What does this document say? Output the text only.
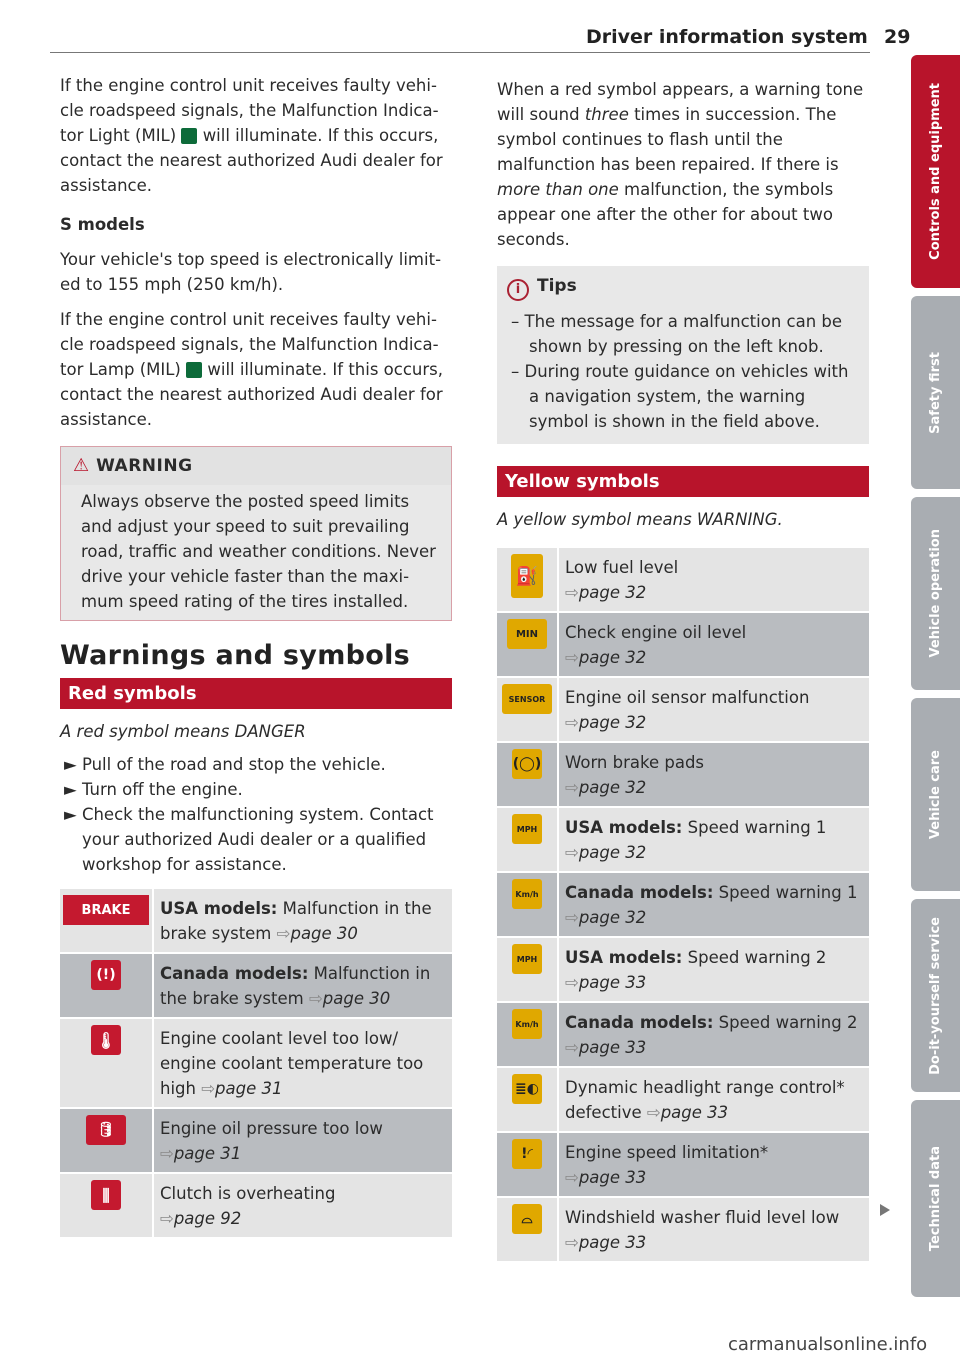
Driver information system 29

If the engine control unit receives faulty vehicle roadspeed signals, the Malfunction Indicator Light (MIL) will illuminate. If this occurs, contact the nearest authorized Audi dealer for assistance.

S models

Your vehicle's top speed is electronically limited to 155 mph (250 km/h).

If the engine control unit receives faulty vehicle roadspeed signals, the Malfunction Indicator Lamp (MIL) will illuminate. If this occurs, contact the nearest authorized Audi dealer for assistance.

⚠ WARNING
Always observe the posted speed limits and adjust your speed to suit prevailing road, traffic and weather conditions. Never drive your vehicle faster than the maximum speed rating of the tires installed.
Warnings and symbols
Red symbols

A red symbol means DANGER

► Pull of the road and stop the vehicle.
► Turn off the engine.
► Check the malfunctioning system. Contact your authorized Audi dealer or a qualified workshop for assistance.
BRAKE	USA models: Malfunction in the brake system ⇨page 30
(!)	Canada models: Malfunction in the brake system ⇨page 30
🌡	Engine coolant level too low/ engine coolant temperature too high ⇨page 31
🛢	Engine oil pressure too low
⇨page 31
⫼	Clutch is overheating
⇨page 92

When a red symbol appears, a warning tone will sound three times in succession. The symbol continues to flash until the malfunction has been repaired. If there is more than one malfunction, the symbols appear one after the other for about two seconds.

i Tips
– The message for a malfunction can be shown by pressing on the left knob.
– During route guidance on vehicles with a navigation system, the warning symbol is shown in the field above.
Yellow symbols

A yellow symbol means WARNING.

⛽	Low fuel level
⇨page 32
MIN	Check engine oil level
⇨page 32
SENSOR	Engine oil sensor malfunction
⇨page 32
(◯)	Worn brake pads
⇨page 32
MPH	USA models: Speed warning 1
⇨page 32
Km/h	Canada models: Speed warning 1
⇨page 32
MPH	USA models: Speed warning 2
⇨page 33
Km/h	Canada models: Speed warning 2
⇨page 33
≣◐	Dynamic headlight range control* defective ⇨page 33
!◜	Engine speed limitation*
⇨page 33
⌓	Windshield washer fluid level low
⇨page 33
Controls and equipment
Safety first
Vehicle operation
Vehicle care
Do-it-yourself service
Technical data
carmanualsonline.info
